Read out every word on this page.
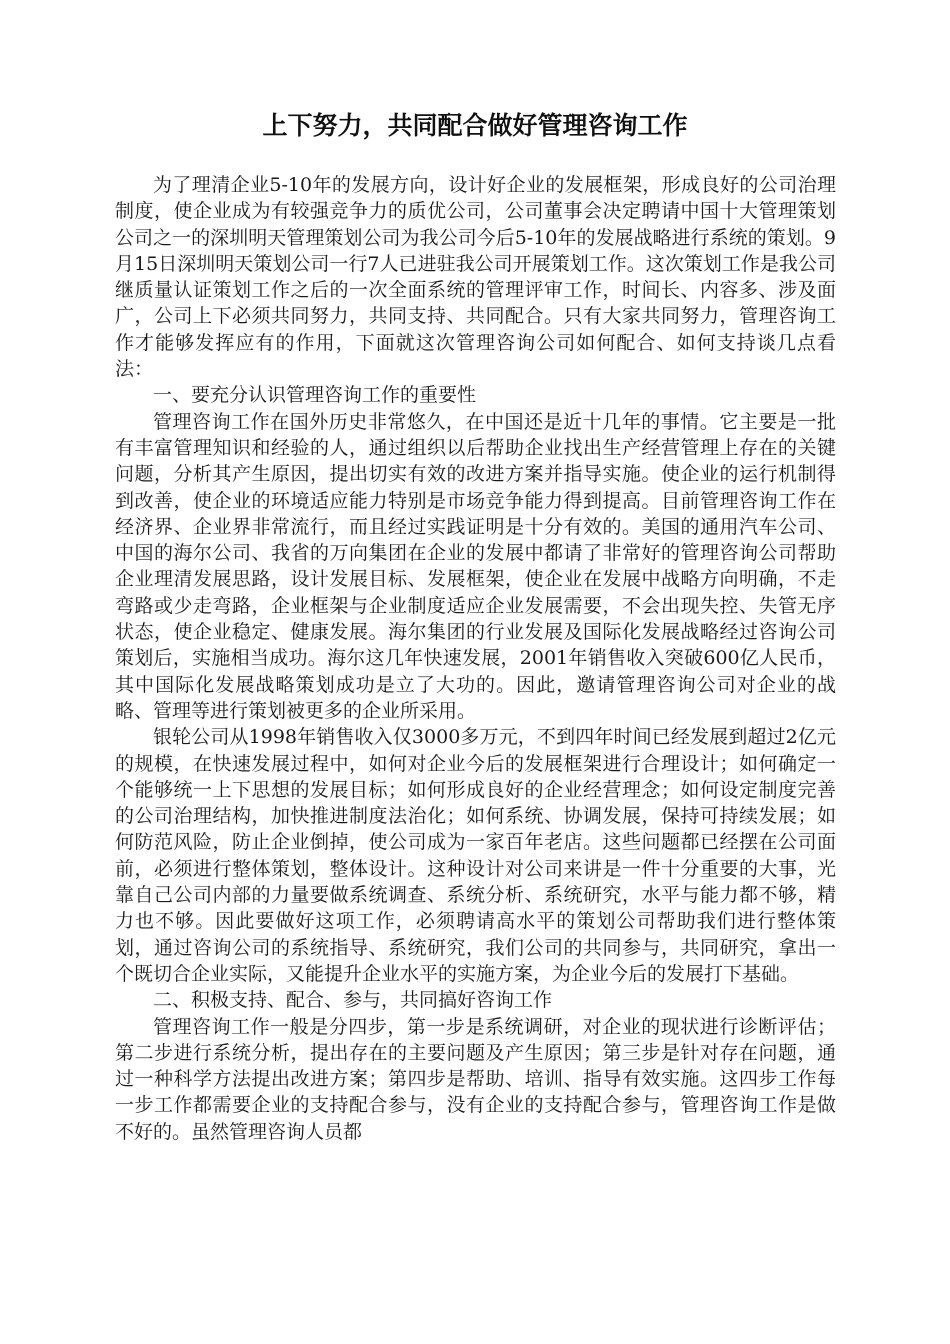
上下努力，共同配合做好管理咨询工作

为了理清企业5-10年的发展方向，设计好企业的发展框架，形成良好的公司治理制度，使企业成为有较强竞争力的质优公司，公司董事会决定聘请中国十大管理策划公司之一的深圳明天管理策划公司为我公司今后5-10年的发展战略进行系统的策划。9月15日深圳明天策划公司一行7人已进驻我公司开展策划工作。这次策划工作是我公司继质量认证策划工作之后的一次全面系统的管理评审工作，时间长、内容多、涉及面广，公司上下必须共同努力，共同支持、共同配合。只有大家共同努力，管理咨询工作才能够发挥应有的作用，下面就这次管理咨询公司如何配合、如何支持谈几点看法：

一、要充分认识管理咨询工作的重要性

管理咨询工作在国外历史非常悠久，在中国还是近十几年的事情。它主要是一批有丰富管理知识和经验的人，通过组织以后帮助企业找出生产经营管理上存在的关键问题，分析其产生原因，提出切实有效的改进方案并指导实施。使企业的运行机制得到改善，使企业的环境适应能力特别是市场竞争能力得到提高。目前管理咨询工作在经济界、企业界非常流行，而且经过实践证明是十分有效的。美国的通用汽车公司、中国的海尔公司、我省的万向集团在企业的发展中都请了非常好的管理咨询公司帮助企业理清发展思路，设计发展目标、发展框架，使企业在发展中战略方向明确，不走弯路或少走弯路，企业框架与企业制度适应企业发展需要，不会出现失控、失管无序状态，使企业稳定、健康发展。海尔集团的行业发展及国际化发展战略经过咨询公司策划后，实施相当成功。海尔这几年快速发展，2001年销售收入突破600亿人民币，其中国际化发展战略策划成功是立了大功的。因此，邀请管理咨询公司对企业的战略、管理等进行策划被更多的企业所采用。

银轮公司从1998年销售收入仅3000多万元，不到四年时间已经发展到超过2亿元的规模，在快速发展过程中，如何对企业今后的发展框架进行合理设计；如何确定一个能够统一上下思想的发展目标；如何形成良好的企业经营理念；如何设定制度完善的公司治理结构，加快推进制度法治化；如何系统、协调发展，保持可持续发展；如何防范风险，防止企业倒掉，使公司成为一家百年老店。这些问题都已经摆在公司面前，必须进行整体策划，整体设计。这种设计对公司来讲是一件十分重要的大事，光靠自己公司内部的力量要做系统调查、系统分析、系统研究，水平与能力都不够，精力也不够。因此要做好这项工作，必须聘请高水平的策划公司帮助我们进行整体策划，通过咨询公司的系统指导、系统研究，我们公司的共同参与，共同研究，拿出一个既切合企业实际，又能提升企业水平的实施方案，为企业今后的发展打下基础。

二、积极支持、配合、参与，共同搞好咨询工作

管理咨询工作一般是分四步，第一步是系统调研，对企业的现状进行诊断评估；第二步进行系统分析，提出存在的主要问题及产生原因；第三步是针对存在问题，通过一种科学方法提出改进方案；第四步是帮助、培训、指导有效实施。这四步工作每一步工作都需要企业的支持配合参与，没有企业的支持配合参与，管理咨询工作是做不好的。虽然管理咨询人员都
